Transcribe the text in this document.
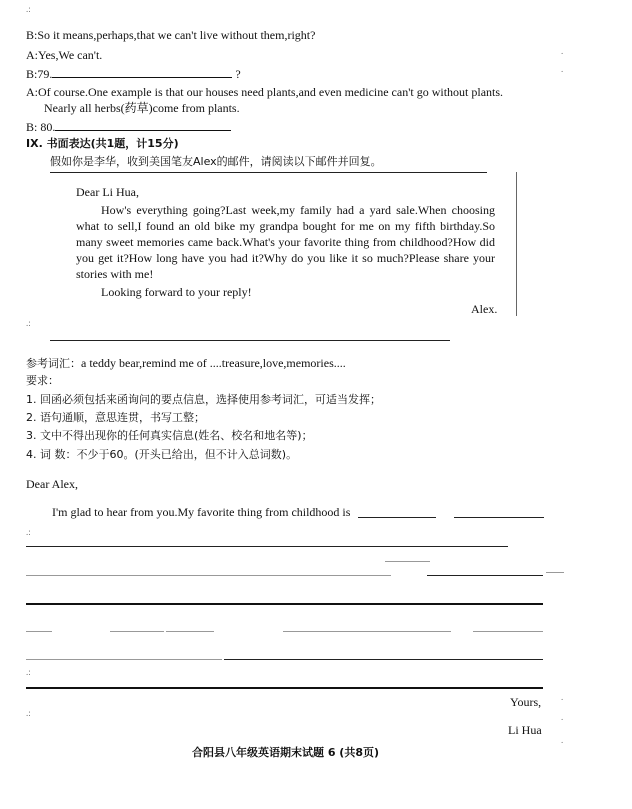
.:
B:So it means,perhaps,that we can't live without them,right?
A:Yes,We can't.
B:79.	?
A:Of course.One example is that our houses need plants,and even medicine can't go without plants.
Nearly all herbs(药草)come from plants.
B: 80.
IX. 书面表达(共1题，计15分)
假如你是李华，收到美国笔友Alex的邮件，请阅读以下邮件并回复。
Dear Li Hua,
How's everything going?Last week,my family had a yard sale.When choosing what to sell,I found an old bike my grandpa bought for me on my fifth birthday.So many sweet memories came back.What's your favorite thing from childhood?How did you get it?How long have you had it?Why do you like it so much?Please share your stories with me!
Looking forward to your reply!
Alex.
.:
参考词汇：a teddy bear,remind me of ....treasure,love,memories....
要求：
1. 回函必须包括来函询问的要点信息，选择使用参考词汇，可适当发挥；
2. 语句通顺，意思连贯，书写工整；
3. 文中不得出现你的任何真实信息(姓名、校名和地名等)；
4. 词 数：不少于60。(开头已给出，但不计入总词数)。
Dear Alex,
I'm glad to hear from you.My favorite thing from childhood is
.:
.:
Yours,
.:
Li Hua
.
.
.
.
.
合阳县八年级英语期末试题 6 (共8页)
